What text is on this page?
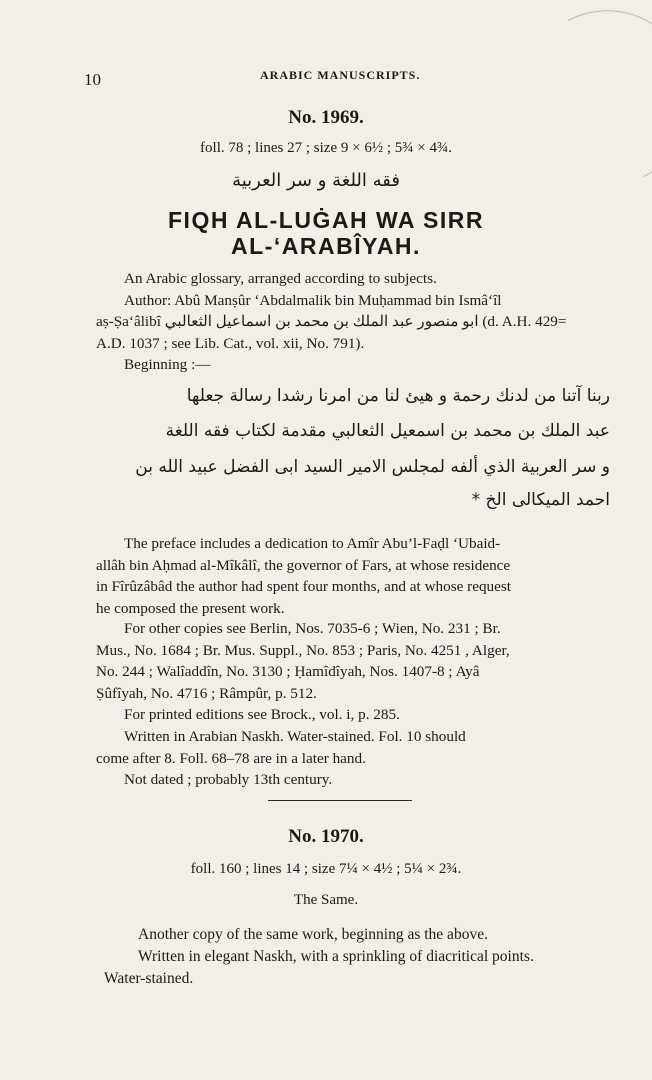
10	ARABIC MANUSCRIPTS.
No. 1969.
foll. 78 ; lines 27 ; size 9 × 6½ ; 5¾ × 4¾.
فقه اللغة و سر العربية
FIQH AL-LUĠAH WA SIRR
AL-‘ARABÎYAH.
An Arabic glossary, arranged according to subjects.
Author: Abû Manṣûr ‘Abdalmalik bin Muḥammad bin Ismâ‘îl
aṣ-Ṣa‘âlibî ابو منصور عبد الملك بن محمد بن اسماعيل الثعالبي (d. A.H. 429=
A.D. 1037 ; see Lib. Cat., vol. xii, No. 791).
Beginning :—
ربنا آتنا من لدنك رحمة و هيئ لنا من امرنا رشدا رسالة جعلها
عبد الملك بن محمد بن اسمعيل الثعالبي مقدمة لكتاب فقه اللغة
و سر العربية الذي ألفه لمجلس الامير السيد ابى الفضل عبيد الله بن
احمد الميكالى الخ *
The preface includes a dedication to Amîr Abu’l-Faḍl ‘Ubaid-
allâh bin Aḥmad al-Mîkâlî, the governor of Fars, at whose residence
in Fîrûzâbâd the author had spent four months, and at whose request
he composed the present work.
For other copies see Berlin, Nos. 7035-6 ; Wien, No. 231 ; Br.
Mus., No. 1684 ; Br. Mus. Suppl., No. 853 ; Paris, No. 4251 , Alger,
No. 244 ; Walîaddîn, No. 3130 ; Ḥamîdîyah, Nos. 1407-8 ; Ayâ
Ṣûfîyah, No. 4716 ; Râmpûr, p. 512.
For printed editions see Brock., vol. i, p. 285.
Written in Arabian Naskh. Water-stained. Fol. 10 should
come after 8. Foll. 68–78 are in a later hand.
Not dated ; probably 13th century.
No. 1970.
foll. 160 ; lines 14 ; size 7¼ × 4½ ; 5¼ × 2¾.
The Same.
Another copy of the same work, beginning as the above.
Written in elegant Naskh, with a sprinkling of diacritical points.
Water-stained.
